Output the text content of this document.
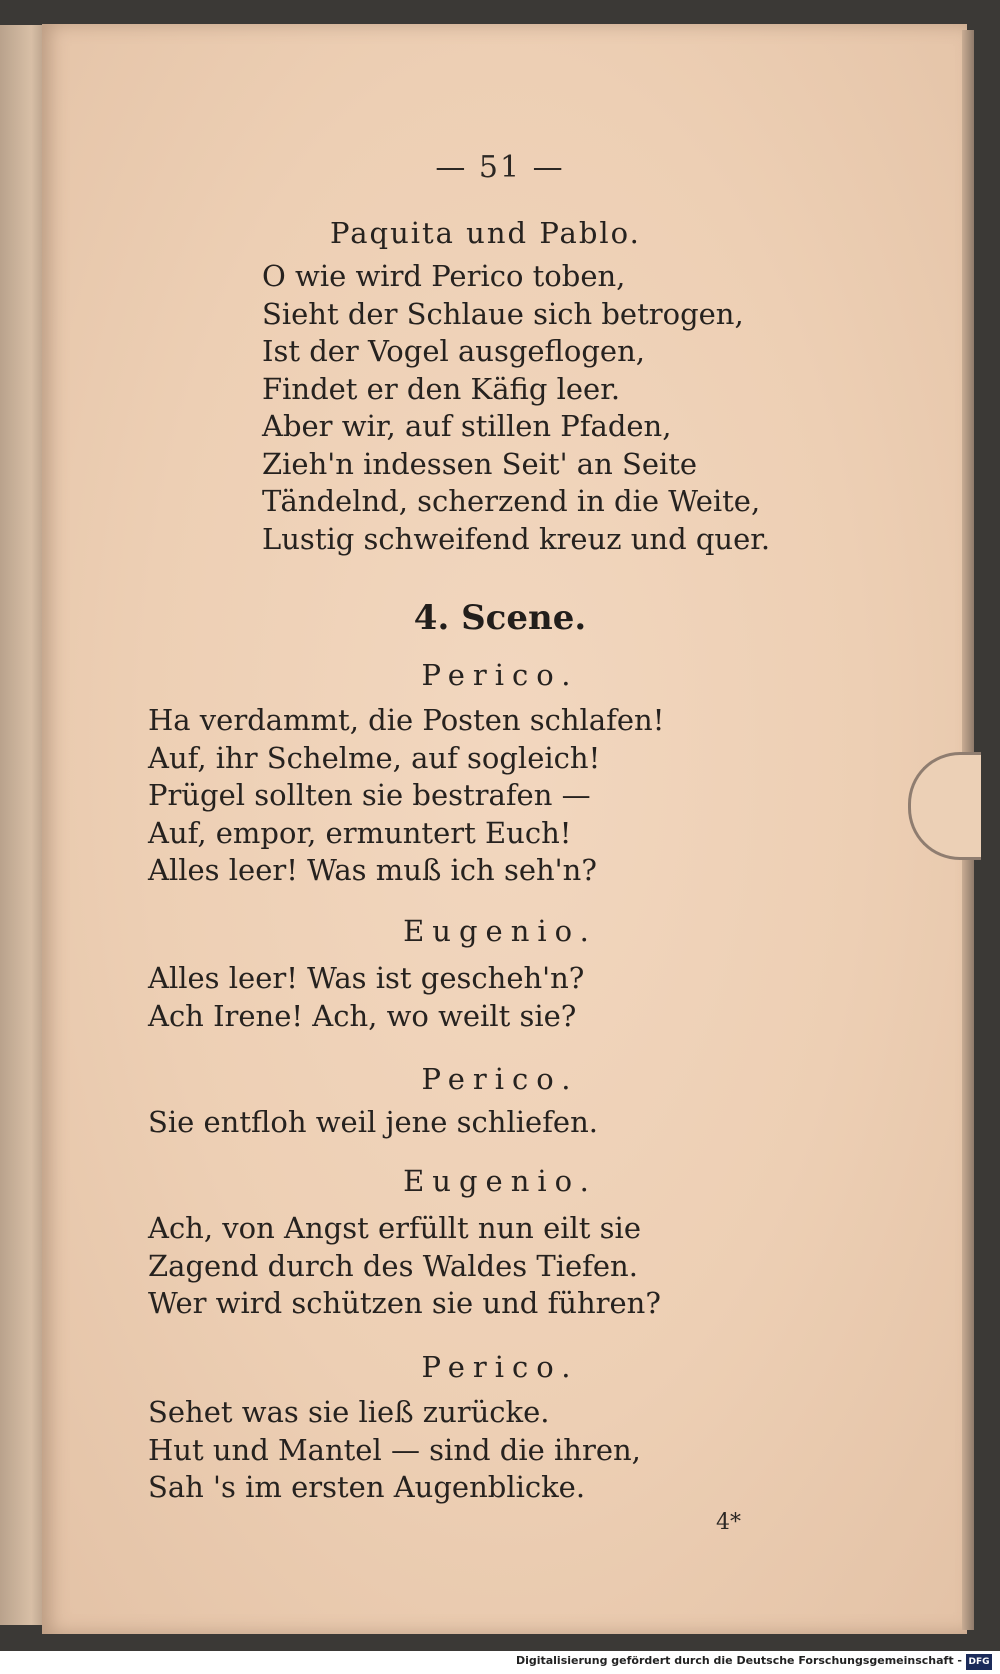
— 51 —
Paquita und Pablo.
O wie wird Perico toben,
Sieht der Schlaue sich betrogen,
Ist der Vogel ausgeflogen,
Findet er den Käfig leer.
Aber wir, auf stillen Pfaden,
Zieh'n indessen Seit' an Seite
Tändelnd, scherzend in die Weite,
Lustig schweifend kreuz und quer.
4. Scene.
Perico.
Ha verdammt, die Posten schlafen!
Auf, ihr Schelme, auf sogleich!
Prügel sollten sie bestrafen —
Auf, empor, ermuntert Euch!
Alles leer! Was muß ich seh'n?
Eugenio.
Alles leer! Was ist gescheh'n?
Ach Irene! Ach, wo weilt sie?
Perico.
Sie entfloh weil jene schliefen.
Eugenio.
Ach, von Angst erfüllt nun eilt sie
Zagend durch des Waldes Tiefen.
Wer wird schützen sie und führen?
Perico.
Sehet was sie ließ zurücke.
Hut und Mantel — sind die ihren,
Sah 's im ersten Augenblicke.
4*
Digitalisierung gefördert durch die Deutsche Forschungsgemeinschaft - DFG
